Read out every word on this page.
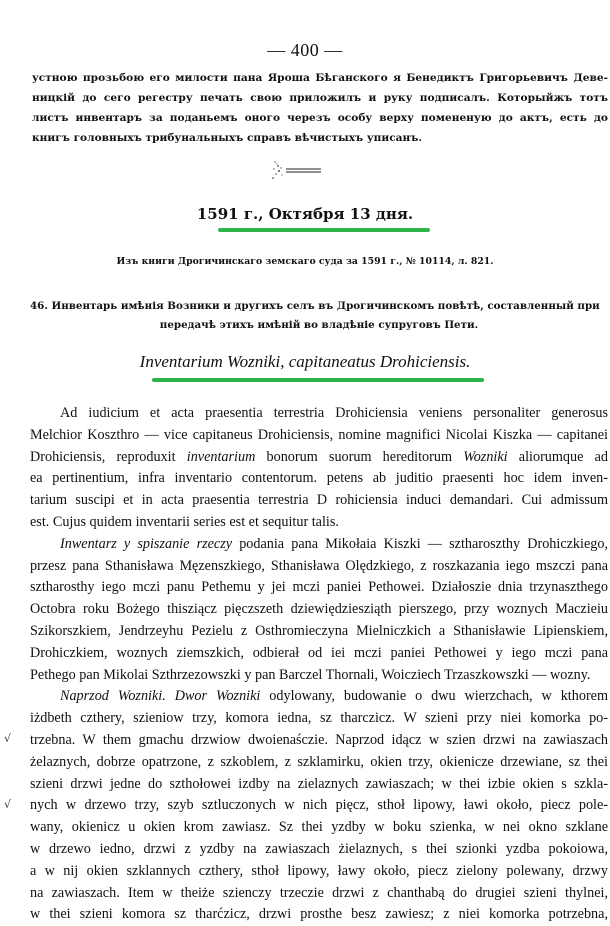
— 400 —
устною прозьбою его милости пана Ярoша Бѣганского я Бенедиктъ Григорьевичъ Деве-
ницкій до сего регестру печать свою приложилъ и руку подписалъ. Которыйжъ тотъ
листъ инвентаръ за поданьемъ оного черезъ особу верху помененую до актъ, есть до
книгъ головныхъ трибунальныхъ справъ вѣчистыхъ уписанъ.
1591 г., Октября 13 дня.
Изъ книги Дрогичинскаго земскаго суда за 1591 г., № 10114, л. 821.
46. Инвентарь имѣнія Возники и другихъ селъ въ Дрогичинскомъ повѣтѣ, составленный при
передачѣ этихъ имѣній во владѣніе супруговъ Пети.
Inventarium Wozniki, capitaneatus Drohiciensis.
√
√
Ad iudicium et acta praesentia terrestria Drohiciensia veniens personaliter generosus
Melchior Koszthro — vice capitaneus Drohiciensis, nomine magnifici Nicolai Kiszka — capitanei
Drohiciensis, reproduxit inventarium bonorum suorum hereditorum Wozniki aliorumque ad
ea pertinentium, infra inventario contentorum. petens ab juditio praesenti hoc idem inven-
tarium suscipi et in acta praesentia terrestria D rohiciensia induci demandari. Cui admissum
est. Cujus quidem inventarii series est et sequitur talis.
Inwentarz y spiszanie rzeczy podania pana Mikołaia Kiszki — sztharoszthy Drohiczkiego,
przesz pana Sthanisława Męzenszkiego, Sthanisława Olędzkiego, z roszkazania iego mszczi pana
sztharosthy iego mczi panu Pethemu y jei mczi paniei Pethowei. Działoszie dnia trzynaszthego
Octobra roku Bożego thisziącz pięczszeth dziewiędziesziąth pierszego, przy woznych Maczieiu
Szikorszkiem, Jendrzeyhu Pezielu z Osthromieczyna Mielniczkich a Sthanisławie Lipienskiem,
Drohiczkiem, woznych ziemszkich, odbierał od iei mczi paniei Pethowei y iego mczi pana
Pethego pan Mikolai Szthrzezowszki y pan Barczel Thornali, Woicziech Trzaszkowszki — wozny.
Naprzod Wozniki. Dwor Wozniki odylowany, budowanie o dwu wierzchach, w kthorem
iżdbeth czthery, szieniow trzy, komora iedna, sz tharczicz. W szieni przy niei komorka po-
trzebna. W them gmachu drzwiow dwoienaśczie. Naprzod idącz w szien drzwi na zawiaszach
żelaznych, dobrze opatrzone, z szkoblem, z szklamirku, okien trzy, okienicze drzewiane, sz thei
szieni drzwi jedne do szthołowei izdby na zielaznych zawiaszach; w thei izbie okien s szkla-
nych w drzewo trzy, szyb sztluczonych w nich pięcz, sthoł lipowy, ławi około, piecz pole-
wany, okienicz u okien krom zawiasz. Sz thei yzdby w boku szienka, w nei okno szklane
w drzewo iedno, drzwi z yzdby na zawiaszach żielaznych, s thei szionki yzdba pokoiowa,
a w nij okien szklannych czthery, sthoł lipowy, ławy około, piecz zielony polewany, drzwy
na zawiaszach. Item w theiże szienczy trzeczie drzwi z chanthabą do drugiei szieni thylnei,
w thei szieni komora sz tharćzicz, drzwi prosthe besz zawiesz; z niei komorka potrzebna,
